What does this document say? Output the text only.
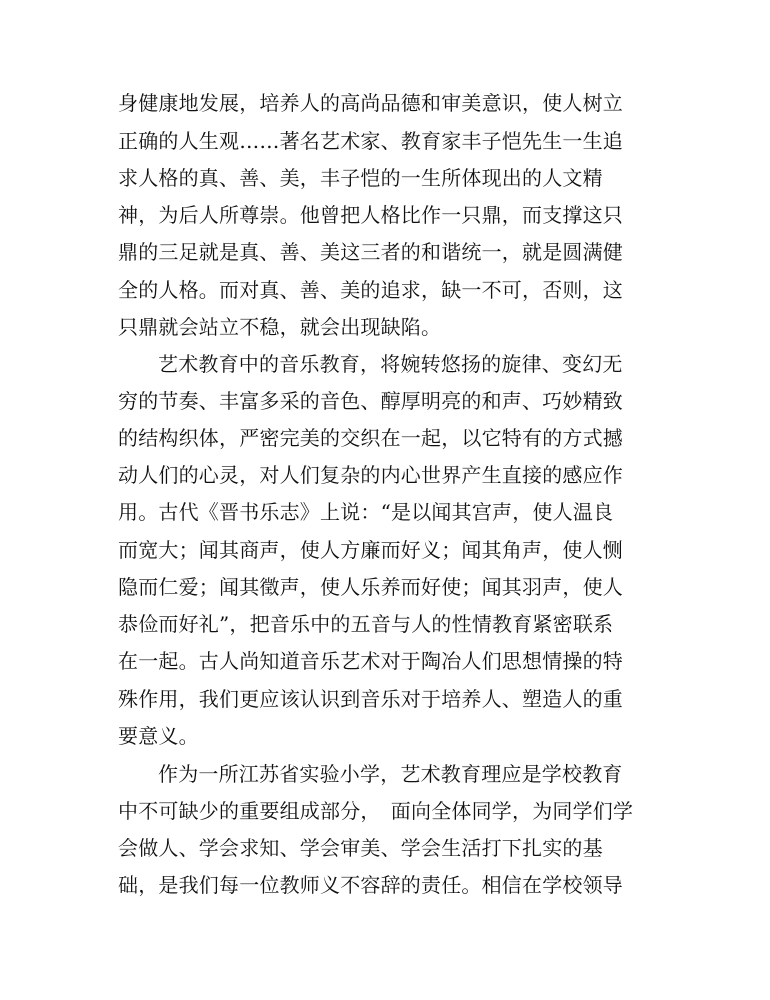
身健康地发展，培养人的高尚品德和审美意识，使人树立
正确的人生观……著名艺术家、教育家丰子恺先生一生追
求人格的真、善、美，丰子恺的一生所体现出的人文精
神，为后人所尊崇。他曾把人格比作一只鼎，而支撑这只
鼎的三足就是真、善、美这三者的和谐统一，就是圆满健
全的人格。而对真、善、美的追求，缺一不可，否则，这
只鼎就会站立不稳，就会出现缺陷。
艺术教育中的音乐教育，将婉转悠扬的旋律、变幻无
穷的节奏、丰富多采的音色、醇厚明亮的和声、巧妙精致
的结构织体，严密完美的交织在一起，以它特有的方式撼
动人们的心灵，对人们复杂的内心世界产生直接的感应作
用。古代《晋书乐志》上说：“是以闻其宫声，使人温良
而宽大；闻其商声，使人方廉而好义；闻其角声，使人恻
隐而仁爱；闻其徵声，使人乐养而好使；闻其羽声，使人
恭俭而好礼”，把音乐中的五音与人的性情教育紧密联系
在一起。古人尚知道音乐艺术对于陶冶人们思想情操的特
殊作用，我们更应该认识到音乐对于培养人、塑造人的重
要意义。
作为一所江苏省实验小学，艺术教育理应是学校教育
中不可缺少的重要组成部分，　面向全体同学，为同学们学
会做人、学会求知、学会审美、学会生活打下扎实的基
础，是我们每一位教师义不容辞的责任。相信在学校领导
